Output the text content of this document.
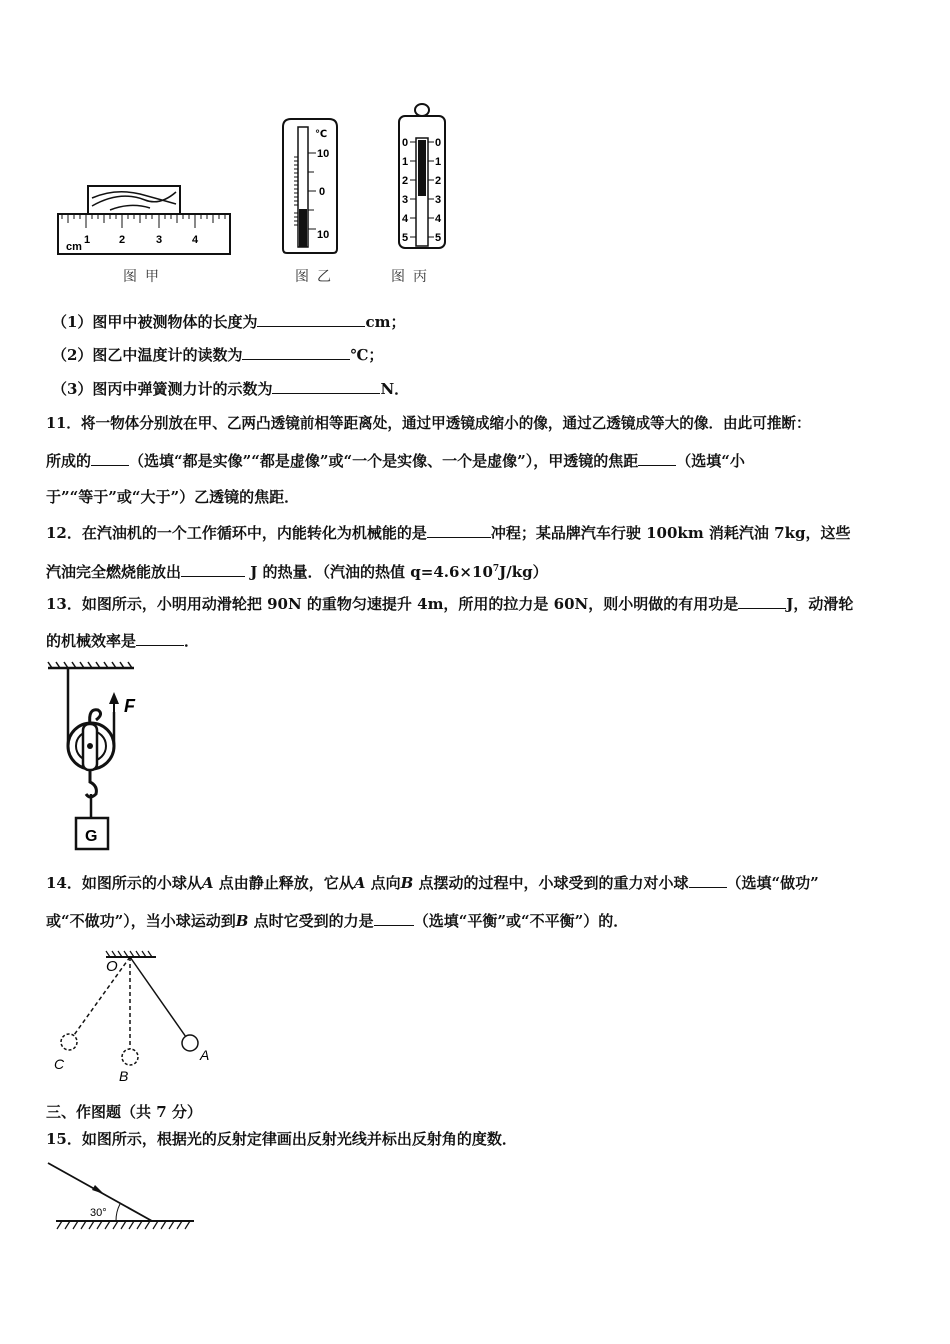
cm
1	2	3	4
℃
10
0
10
0
1
2
3
4
5
0
1
2
3
4
5
图甲	图乙	图丙
（1）图甲中被测物体的长度为	cm；
（2）图乙中温度计的读数为	℃；
（3）图丙中弹簧测力计的示数为	N．
11．将一物体分别放在甲、乙两凸透镜前相等距离处，通过甲透镜成缩小的像，通过乙透镜成等大的像．由此可推断：
所成的	（选填“都是实像”“都是虚像”或“一个是实像、一个是虚像”），甲透镜的焦距	（选填“小
于”“等于”或“大于”）乙透镜的焦距．
12．在汽油机的一个工作循环中，内能转化为机械能的是	冲程；某品牌汽车行驶 100km 消耗汽油 7kg，这些
汽油完全燃烧能放出	J 的热量．（汽油的热值 $q=4.6\times 10^7J/kg$）
13．如图所示，小明用动滑轮把 90N 的重物匀速提升 4m，所用的拉力是 60N，则小明做的有用功是	J，动滑轮
的机械效率是	．
F
G
14．如图所示的小球从A 点由静止释放，它从A 点向B 点摆动的过程中，小球受到的重力对小球	（选填“做功”
或“不做功”），当小球运动到B 点时它受到的力是	（选填“平衡”或“不平衡”）的．
O
A
B
C
三、作图题（共 7 分）
15．如图所示，根据光的反射定律画出反射光线并标出反射角的度数．
30°
